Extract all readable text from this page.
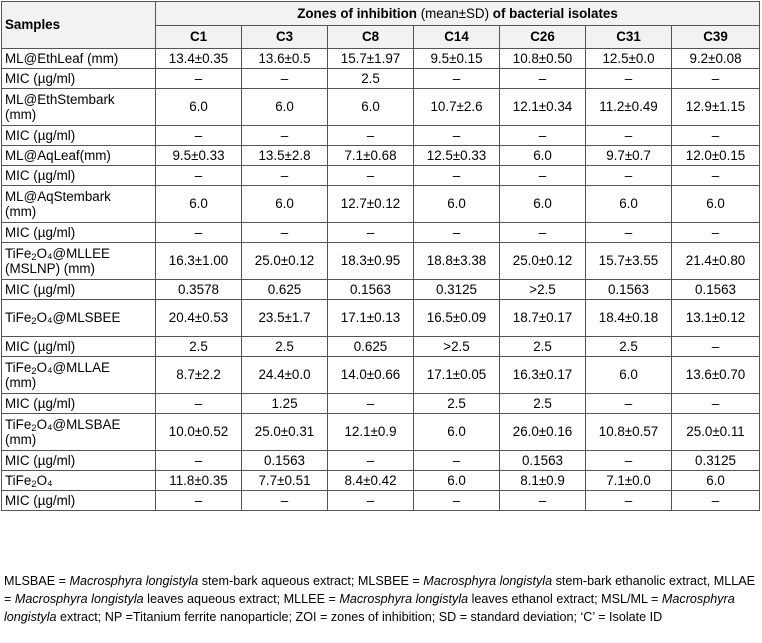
Samples	Zones of inhibition (mean±SD) of bacterial isolates						
	C1	C3	C8	C14	C26	C31	C39
ML@EthLeaf (mm)	13.4±0.35	13.6±0.5	15.7±1.97	9.5±0.15	10.8±0.50	12.5±0.0	9.2±0.08
MIC (µg/ml)	–	–	2.5	–	–	–	–
ML@EthStembark
(mm)	6.0	6.0	6.0	10.7±2.6	12.1±0.34	11.2±0.49	12.9±1.15
MIC (µg/ml)	–	–	–	–	–	–	–
ML@AqLeaf(mm)	9.5±0.33	13.5±2.8	7.1±0.68	12.5±0.33	6.0	9.7±0.7	12.0±0.15
MIC (µg/ml)	–	–	–	–	–	–	–
ML@AqStembark
(mm)	6.0	6.0	12.7±0.12	6.0	6.0	6.0	6.0
MIC (µg/ml)	–	–	–	–	–	–	–
TiFe$_2$O₄@MLLEE
(MSLNP) (mm)	16.3±1.00	25.0±0.12	18.3±0.95	18.8±3.38	25.0±0.12	15.7±3.55	21.4±0.80
MIC (µg/ml)	0.3578	0.625	0.1563	0.3125	>2.5	0.1563	0.1563
TiFe$_2$O₄@MLSBEE	20.4±0.53	23.5±1.7	17.1±0.13	16.5±0.09	18.7±0.17	18.4±0.18	13.1±0.12
MIC (µg/ml)	2.5	2.5	0.625	>2.5	2.5	2.5	–
TiFe$_2$O₄@MLLAE
(mm)	8.7±2.2	24.4±0.0	14.0±0.66	17.1±0.05	16.3±0.17	6.0	13.6±0.70
MIC (µg/ml)	–	1.25	–	2.5	2.5	–	–
TiFe$_2$O₄@MLSBAE
(mm)	10.0±0.52	25.0±0.31	12.1±0.9	6.0	26.0±0.16	10.8±0.57	25.0±0.11
MIC (µg/ml)	–	0.1563	–	–	0.1563	–	0.3125
TiFe$_2$O₄	11.8±0.35	7.7±0.51	8.4±0.42	6.0	8.1±0.9	7.1±0.0	6.0
MIC (µg/ml)	–	–	–	–	–	–	–
MLSBAE = Macrosphyra longistyla stem-bark aqueous extract; MLSBEE = Macrosphyra longistyla stem-bark ethanolic extract, MLLAE = Macrosphyra longistyla leaves aqueous extract; MLLEE = Macrosphyra longistyla leaves ethanol extract; MSL/ML = Macrosphyra longistyla extract; NP =Titanium ferrite nanoparticle; ZOI = zones of inhibition; SD = standard deviation; ‘C’ = Isolate ID
